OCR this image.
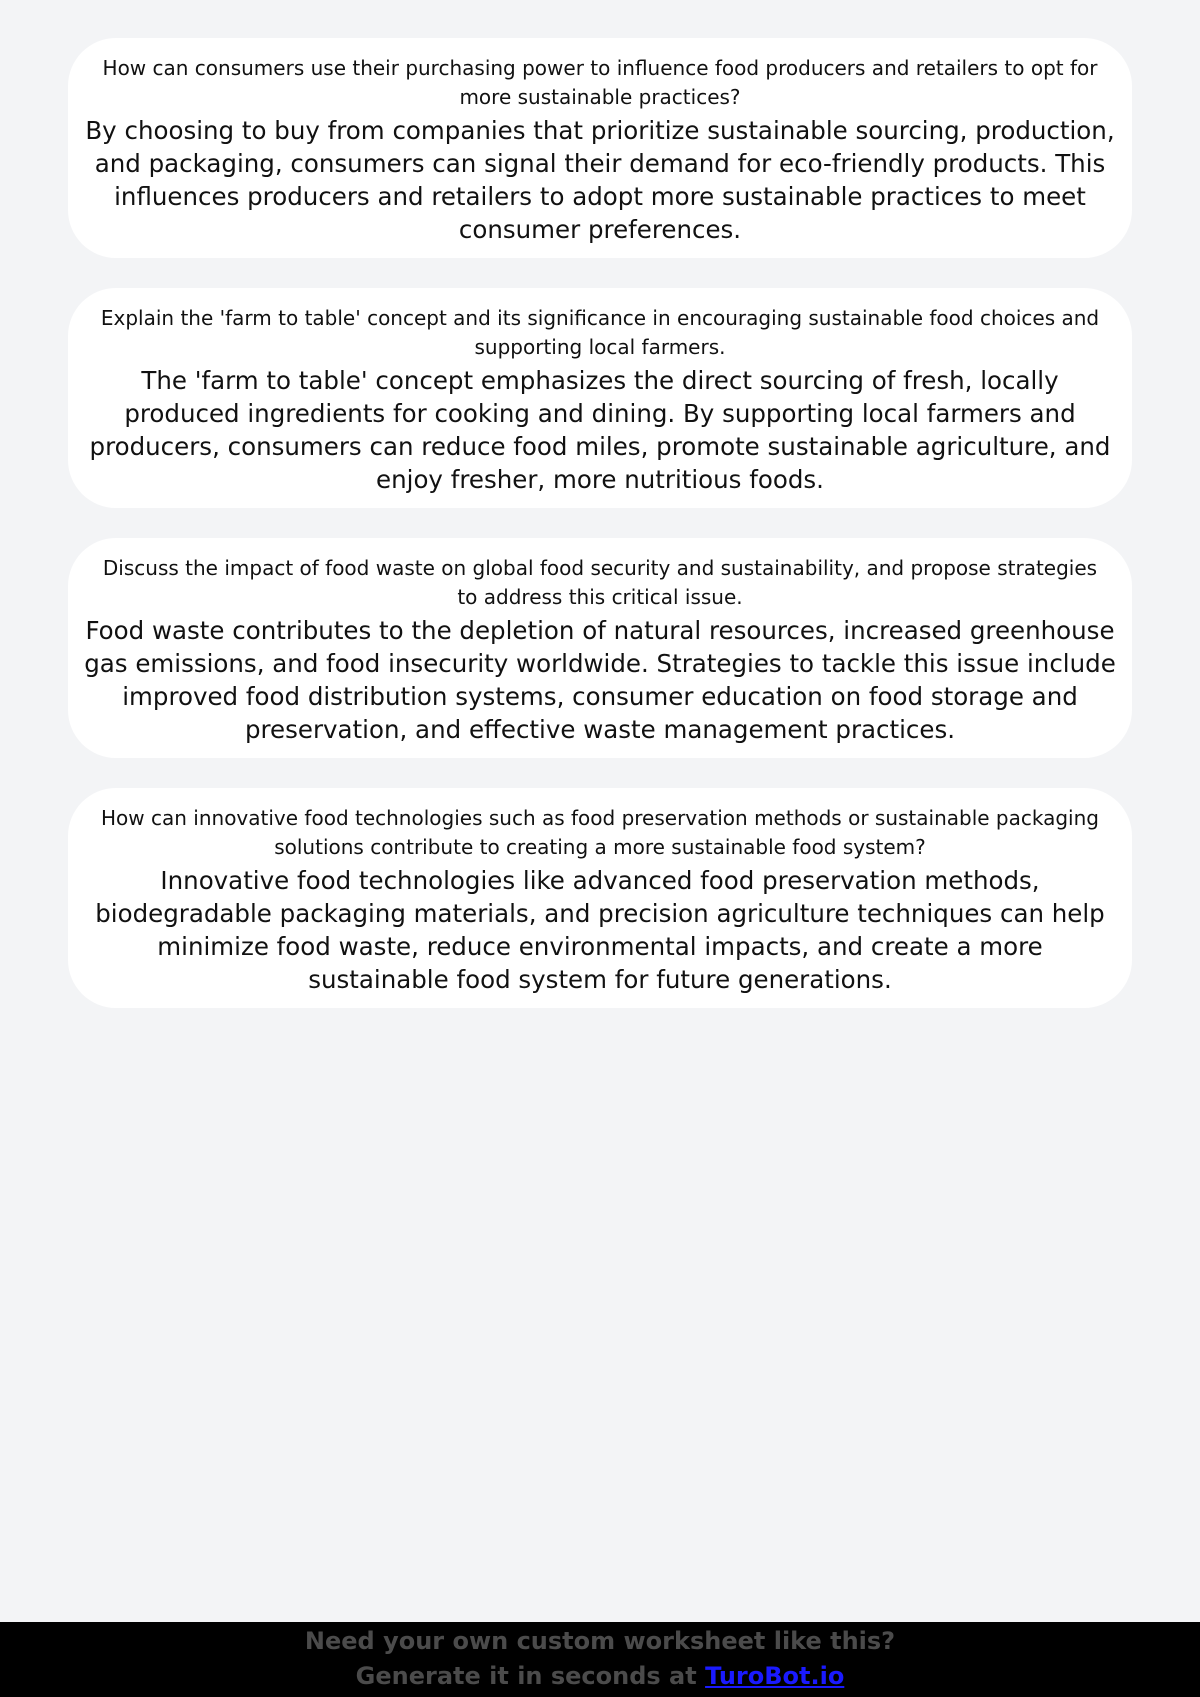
How can consumers use their purchasing power to influence food producers and retailers to opt for more sustainable practices?

By choosing to buy from companies that prioritize sustainable sourcing, production, and packaging, consumers can signal their demand for eco-friendly products. This influences producers and retailers to adopt more sustainable practices to meet consumer preferences.

Explain the 'farm to table' concept and its significance in encouraging sustainable food choices and supporting local farmers.

The 'farm to table' concept emphasizes the direct sourcing of fresh, locally produced ingredients for cooking and dining. By supporting local farmers and producers, consumers can reduce food miles, promote sustainable agriculture, and enjoy fresher, more nutritious foods.

Discuss the impact of food waste on global food security and sustainability, and propose strategies to address this critical issue.

Food waste contributes to the depletion of natural resources, increased greenhouse gas emissions, and food insecurity worldwide. Strategies to tackle this issue include improved food distribution systems, consumer education on food storage and preservation, and effective waste management practices.

How can innovative food technologies such as food preservation methods or sustainable packaging solutions contribute to creating a more sustainable food system?

Innovative food technologies like advanced food preservation methods, biodegradable packaging materials, and precision agriculture techniques can help minimize food waste, reduce environmental impacts, and create a more sustainable food system for future generations.

Need your own custom worksheet like this?
Generate it in seconds at TuroBot.io
